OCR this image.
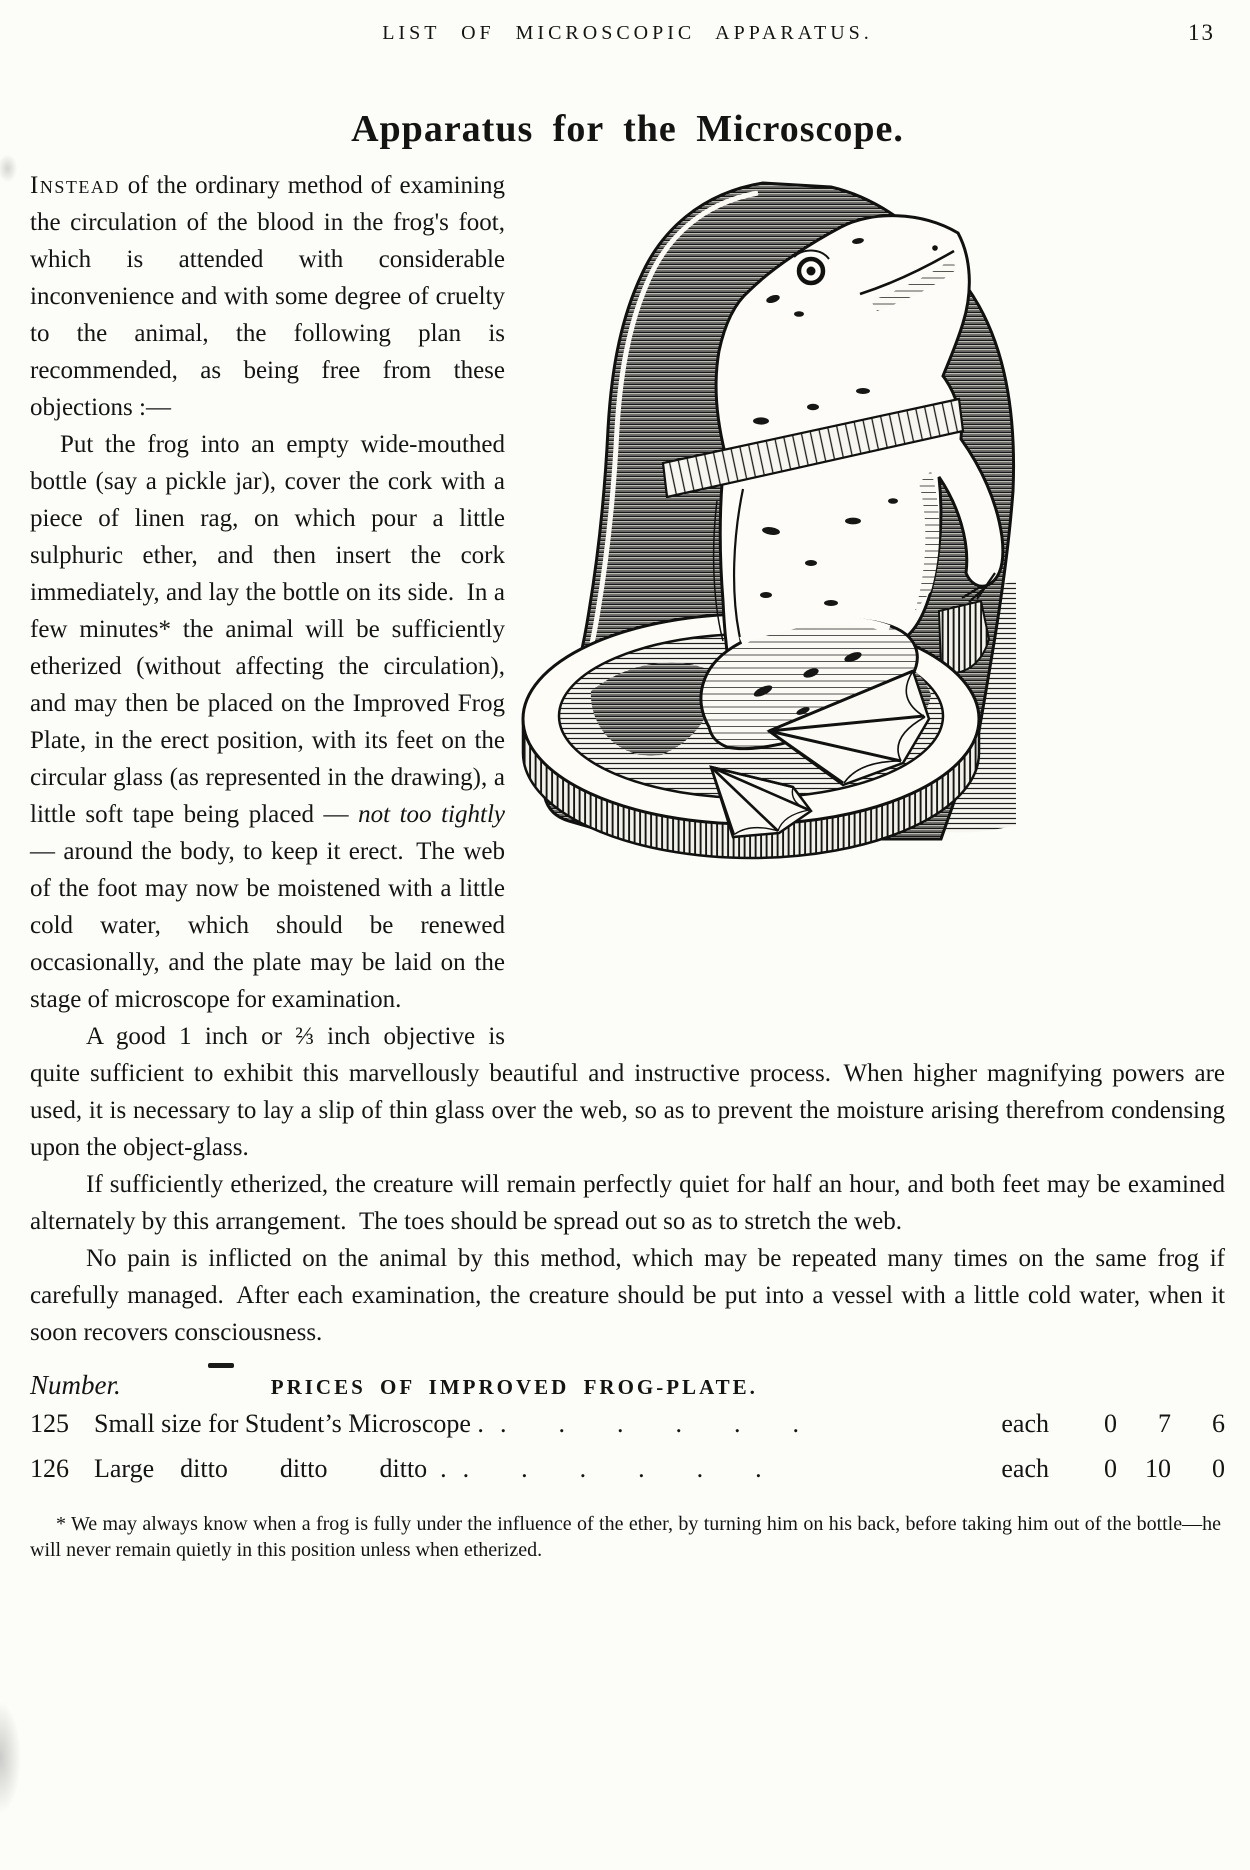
LIST OF MICROSCOPIC APPARATUS.	13
Apparatus for the Microscope.

Instead of the ordinary method of examining the circulation of the blood in the frog's foot, which is attended with considerable inconvenience and with some degree of cruelty to the animal, the following plan is recommended, as being free from these objections :—

Put the frog into an empty wide-mouthed bottle (say a pickle jar), cover the cork with a piece of linen rag, on which pour a little sulphuric ether, and then insert the cork immediately, and lay the bottle on its side. In a few minutes* the animal will be sufficiently etherized (without affecting the circulation), and may then be placed on the Improved Frog Plate, in the erect position, with its feet on the circular glass (as represented in the drawing), a little soft tape being placed — not too tightly — around the body, to keep it erect. The web of the foot may now be moistened with a little cold water, which should be renewed occasionally, and the plate may be laid on the stage of microscope for examination.

A good 1 inch or ⅔ inch objective is quite sufficient to exhibit this marvellously beautiful and instructive process. When higher magnifying powers are used, it is necessary to lay a slip of thin glass over the web, so as to prevent the moisture arising therefrom condensing upon the object-glass.

If sufficiently etherized, the creature will remain perfectly quiet for half an hour, and both feet may be examined alternately by this arrangement. The toes should be spread out so as to stretch the web.

No pain is inflicted on the animal by this method, which may be repeated many times on the same frog if carefully managed. After each examination, the creature should be put into a vessel with a little cold water, when it soon recovers consciousness.

Number.	PRICES OF IMPROVED FROG-PLATE.
125 Small size for Student’s Microscope . .  .  .  .  .  .	each	0	7	6
126 Large ditto  ditto  ditto . .  .  .  .  .  .	each	0	10	0
* We may always know when a frog is fully under the influence of the ether, by turning him on his back, before taking him out of the bottle—he will never remain quietly in this position unless when etherized.
